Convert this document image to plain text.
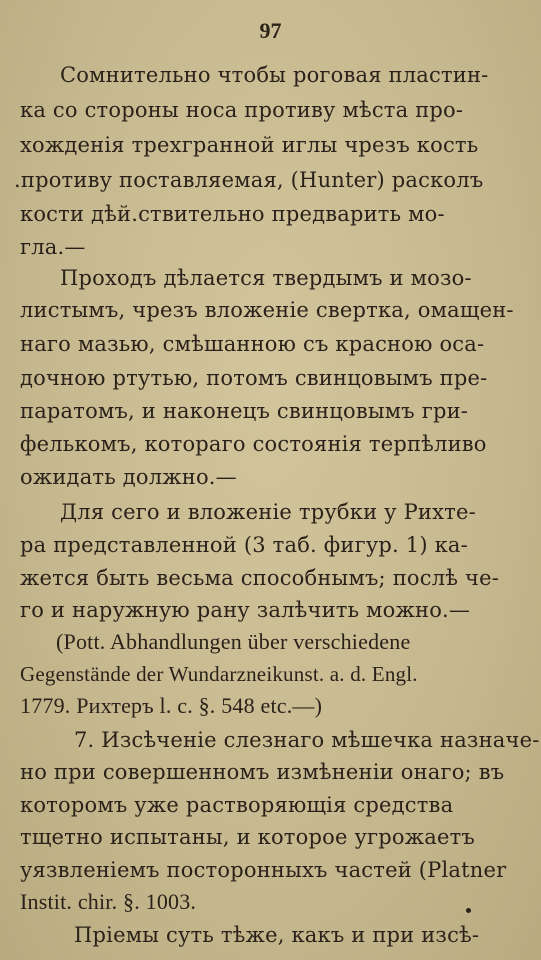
97
Сомнительно чтобы роговая пластин-
ка со стороны носа противу мѣста про-
хожденія трехгранной иглы чрезъ кость
.противу поставляемая, (Hunter) расколъ
кости дѣй.ствительно предварить мо-
гла.—
Проходъ дѣлается твердымъ и мозо-
листымъ, чрезъ вложеніе свертка, омащен-
наго мазью, смѣшанною съ красною оса-
дочною ртутью, потомъ свинцовымъ пре-
паратомъ, и наконецъ свинцовымъ гри-
фелькомъ, котораго состоянія терпѣливо
ожидать должно.—
Для сего и вложеніе трубки у Рихте-
ра представленной (3 таб. фигур. 1) ка-
жется быть весьма способнымъ; послѣ че-
го и наружную рану залѣчить можно.—
(Pott. Abhandlungen über verschiedene
Gegenstände der Wundarzneikunst. a. d. Engl.
1779. Рихтеръ l. c. §. 548 etc.—)
7. Изсѣченіе слезнаго мѣшечка назначе-
но при совершенномъ измѣненіи онаго; въ
которомъ уже растворяющія средства
тщетно испытаны, и которое угрожаетъ
уязвленіемъ посторонныхъ частей (Platner
Instit. chir. §. 1003.
Пріемы суть тѣже, какъ и при изсѣ-
